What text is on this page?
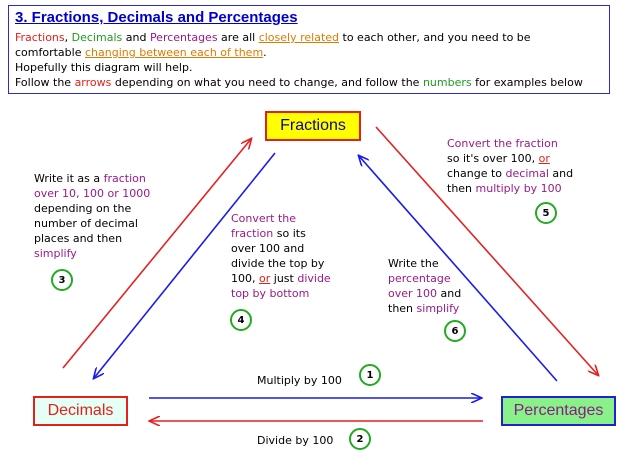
3. Fractions, Decimals and Percentages

Fractions, Decimals and Percentages are all closely related to each other, and you need to be

comfortable changing between each of them.

Hopefully this diagram will help.

Follow the arrows depending on what you need to change, and follow the numbers for examples below

Fractions
Decimals	Percentages
Write it as a fraction
over 10, 100 or 1000
depending on the
number of decimal
places and then
simplify
Convert the
fraction so its
over 100 and
divide the top by
100, or just divide
top by bottom
Convert the fraction
so it's over 100, or
change to decimal and
then multiply by 100
Write the
percentage
over 100 and
then simplify
Multiply by 100
Divide by 100
1
2
3
4
5
6
